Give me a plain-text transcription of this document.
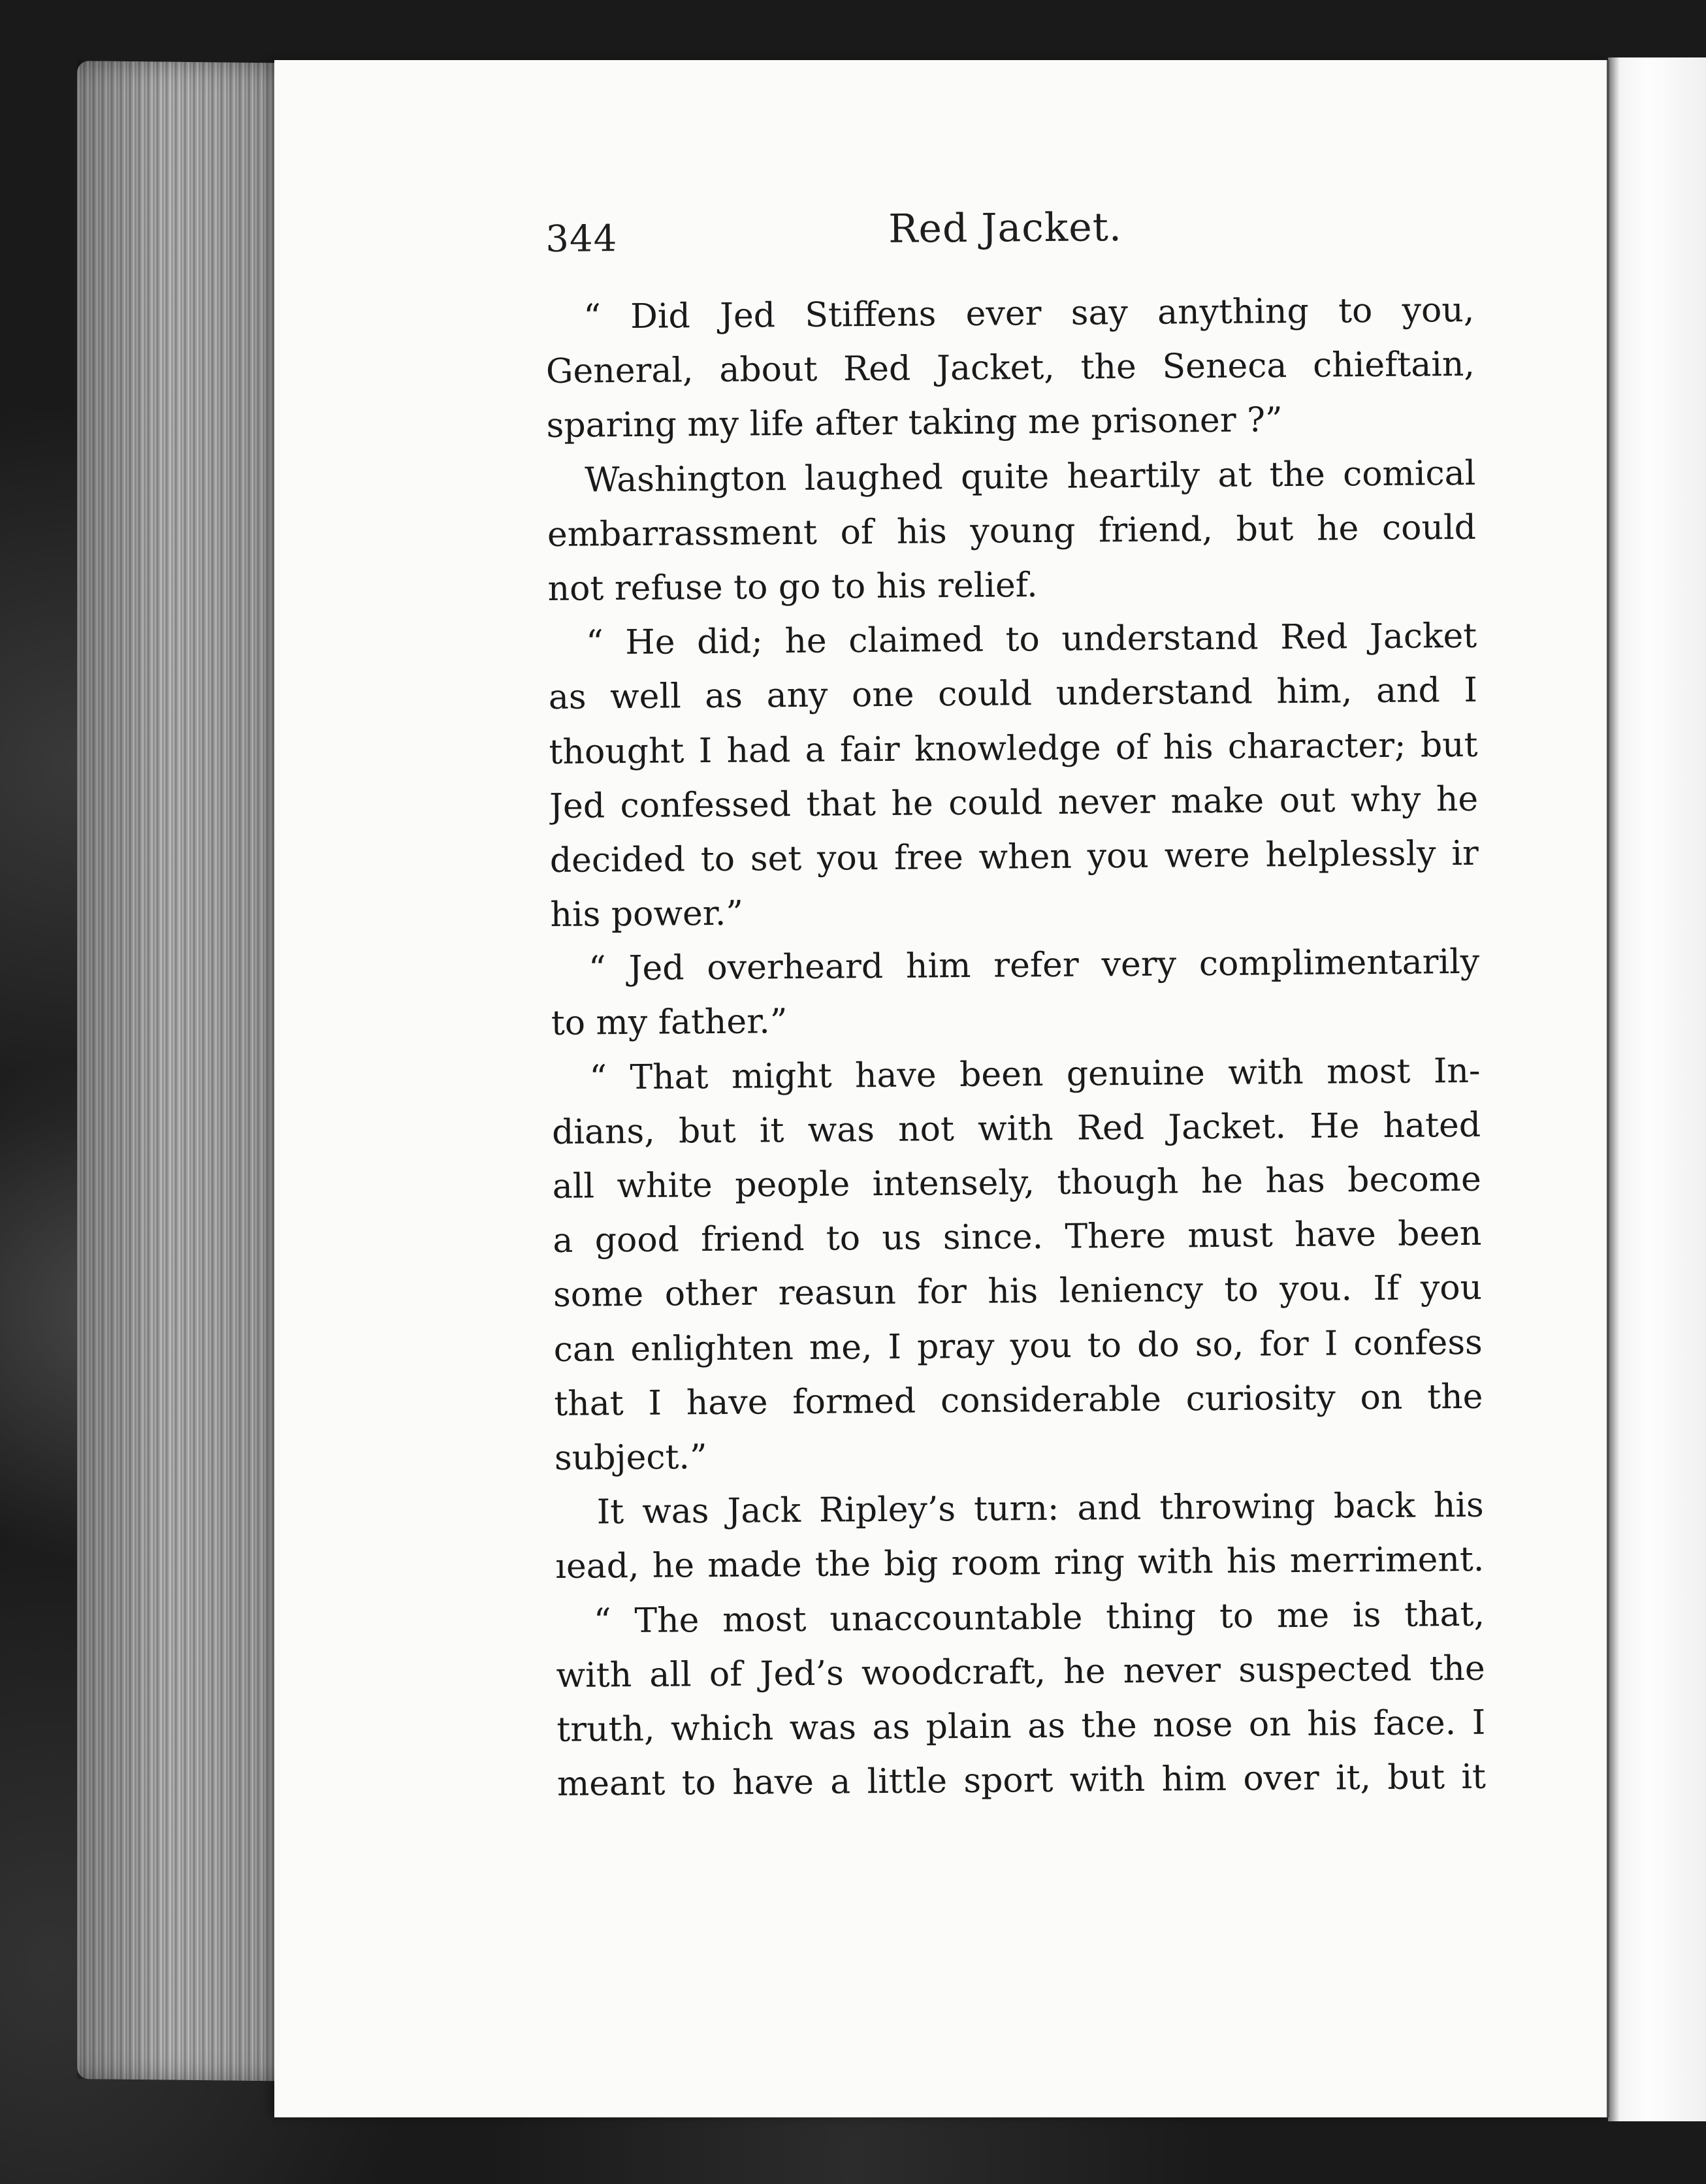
344	Red Jacket.
“ Did Jed Stiffens ever say anything to you,
General, about Red Jacket, the Seneca chieftain,
sparing my life after taking me prisoner ?”
Washington laughed quite heartily at the comical
embarrassment of his young friend, but he could
not refuse to go to his relief.
“ He did; he claimed to understand Red Jacket
as well as any one could understand him, and I
thought I had a fair knowledge of his character; but
Jed confessed that he could never make out why he
decided to set you free when you were helplessly ir
his power.”
“ Jed overheard him refer very complimentarily
to my father.”
“ That might have been genuine with most In-
dians, but it was not with Red Jacket. He hated
all white people intensely, though he has become
a good friend to us since. There must have been
some other reasun for his leniency to you. If you
can enlighten me, I pray you to do so, for I confess
that I have formed considerable curiosity on the
subject.”
It was Jack Ripley’s turn: and throwing back his
ıead, he made the big room ring with his merriment.
“ The most unaccountable thing to me is that,
with all of Jed’s woodcraft, he never suspected the
truth, which was as plain as the nose on his face. I
meant to have a little sport with him over it, but it
